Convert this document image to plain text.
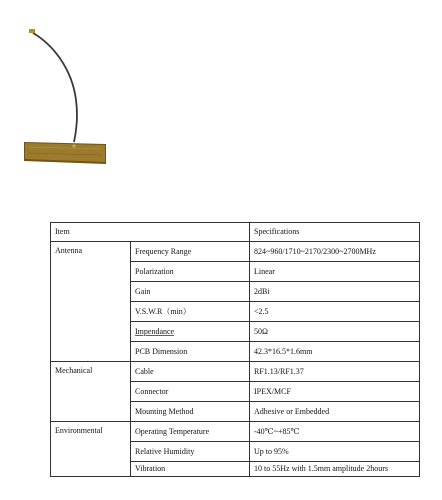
Item		Specifications
Antenna	Frequency Range	824~960/1710~2170/2300~2700MHz
	Polarization	Linear
	Gain	2dBi
	V.S.W.R（min）	<2.5
	Impendance	50Ω
	PCB Dimension	42.3*16.5*1.6mm
Mechanical	Cable	RF1.13/RF1.37
	Connector	IPEX/MCF
	Mounting Method	Adhesive or Embedded
Environmental	Operating Temperature	-40℃~+85℃
	Relative Humidity	Up to 95%
	Vibration	10 to 55Hz with 1.5mm amplitude 2hours
